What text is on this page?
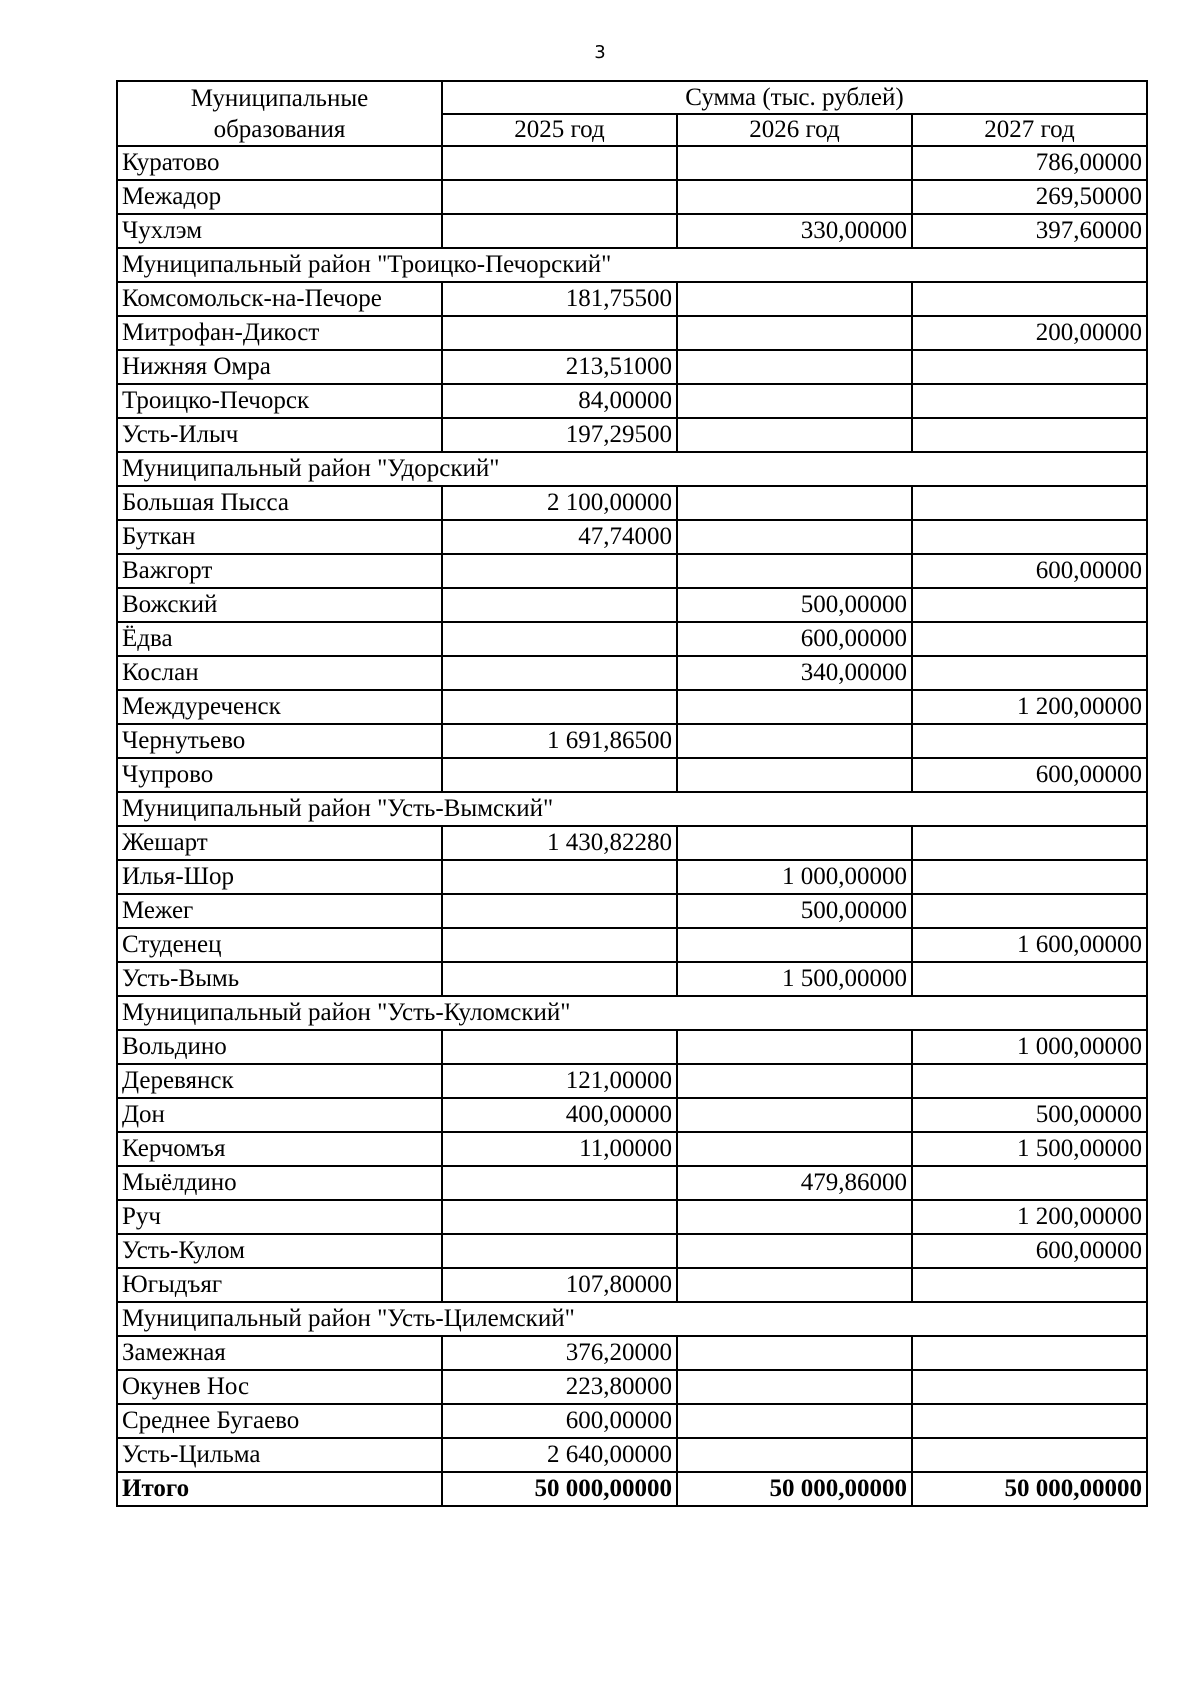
3
Муниципальные образования	Сумма (тыс. рублей)		
	2025 год	2026 год	2027 год
Куратово			786,00000
Межадор			269,50000
Чухлэм		330,00000	397,60000
Муниципальный район "Троицко-Печорский"			
Комсомольск-на-Печоре	181,75500		
Митрофан-Дикост			200,00000
Нижняя Омра	213,51000		
Троицко-Печорск	84,00000		
Усть-Илыч	197,29500		
Муниципальный район "Удорский"			
Большая Пысса	2 100,00000		
Буткан	47,74000		
Важгорт			600,00000
Вожский		500,00000	
Ёдва		600,00000	
Кослан		340,00000	
Междуреченск			1 200,00000
Чернутьево	1 691,86500		
Чупрово			600,00000
Муниципальный район "Усть-Вымский"			
Жешарт	1 430,82280		
Илья-Шор		1 000,00000	
Межег		500,00000	
Студенец			1 600,00000
Усть-Вымь		1 500,00000	
Муниципальный район "Усть-Куломский"			
Вольдино			1 000,00000
Деревянск	121,00000		
Дон	400,00000		500,00000
Керчомъя	11,00000		1 500,00000
Мыёлдино		479,86000	
Руч			1 200,00000
Усть-Кулом			600,00000
Югыдъяг	107,80000		
Муниципальный район "Усть-Цилемский"			
Замежная	376,20000		
Окунев Нос	223,80000		
Среднее Бугаево	600,00000		
Усть-Цильма	2 640,00000		
Итого	50 000,00000	50 000,00000	50 000,00000
